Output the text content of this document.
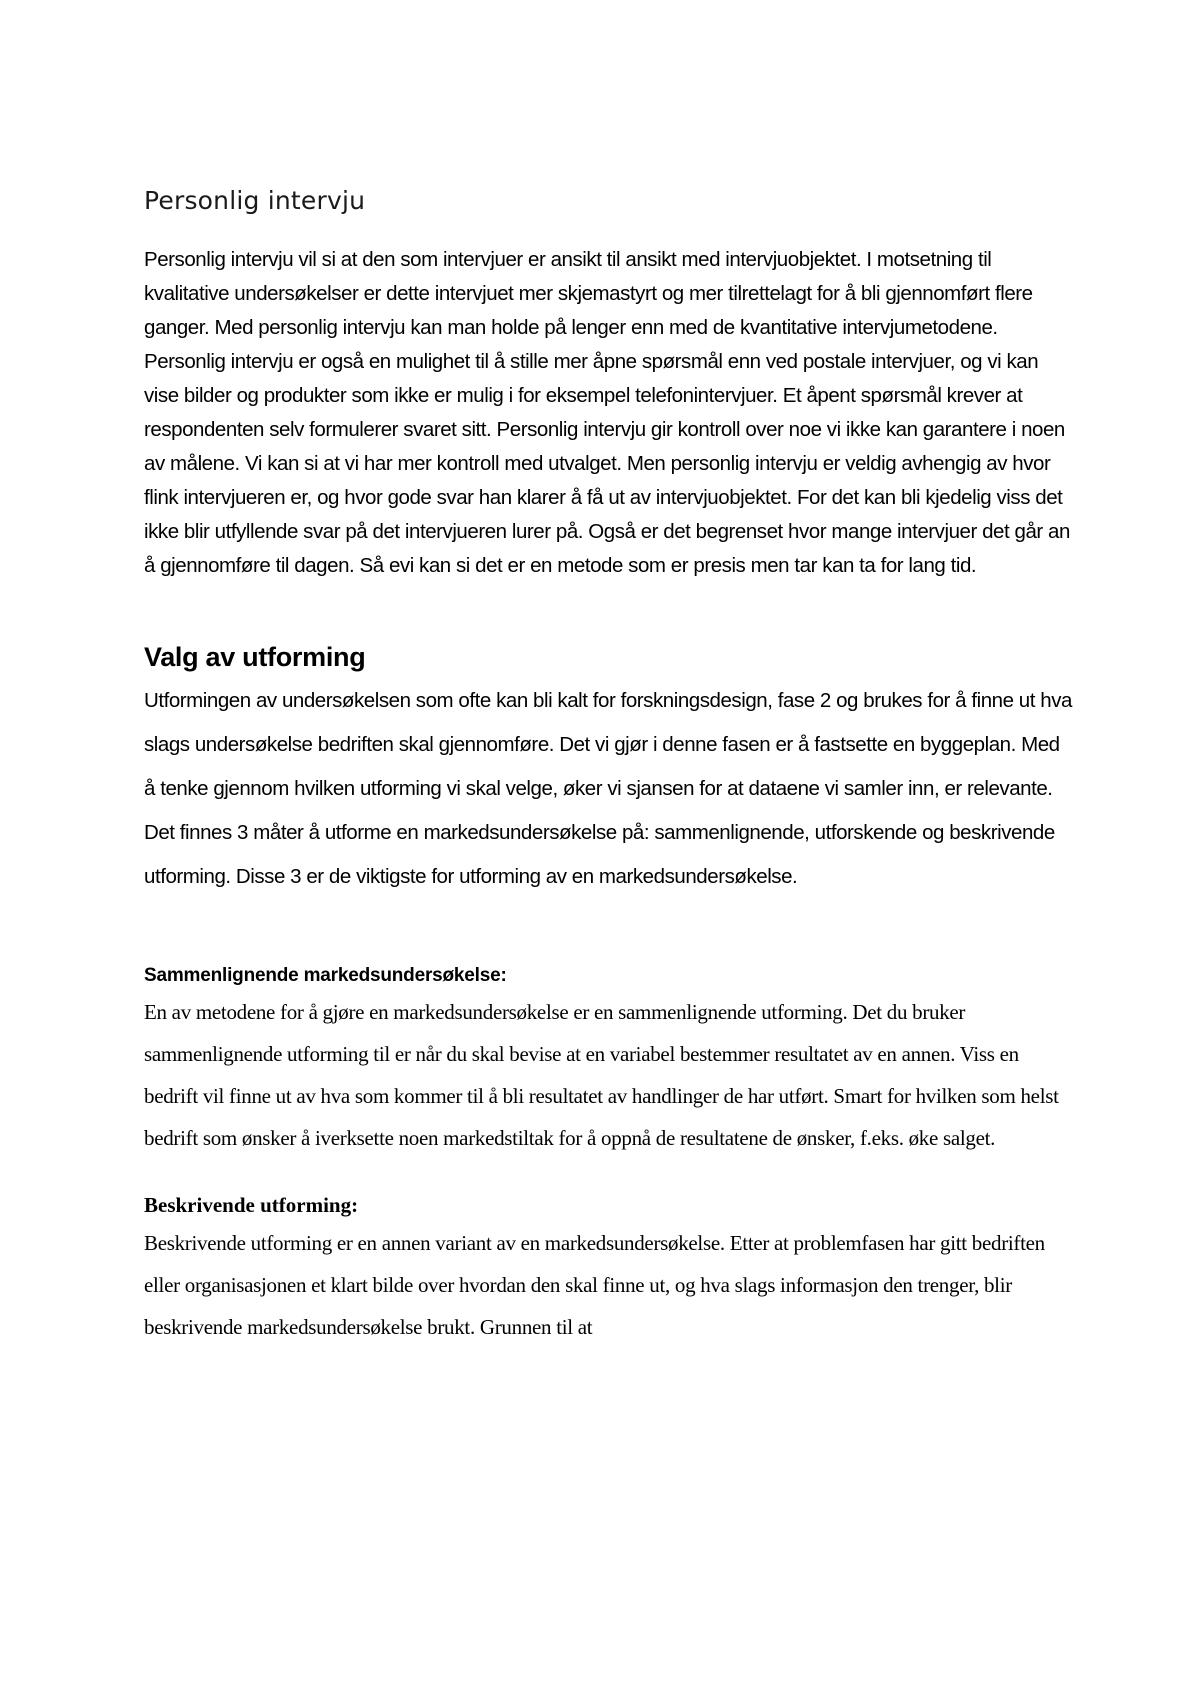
Personlig intervju

Personlig intervju vil si at den som intervjuer er ansikt til ansikt med intervjuobjektet. I motsetning til kvalitative undersøkelser er dette intervjuet mer skjemastyrt og mer tilrettelagt for å bli gjennomført flere ganger. Med personlig intervju kan man holde på lenger enn med de kvantitative intervjumetodene. Personlig intervju er også en mulighet til å stille mer åpne spørsmål enn ved postale intervjuer, og vi kan vise bilder og produkter som ikke er mulig i for eksempel telefonintervjuer. Et åpent spørsmål krever at respondenten selv formulerer svaret sitt. Personlig intervju gir kontroll over noe vi ikke kan garantere i noen av målene. Vi kan si at vi har mer kontroll med utvalget. Men personlig intervju er veldig avhengig av hvor flink intervjueren er, og hvor gode svar han klarer å få ut av intervjuobjektet. For det kan bli kjedelig viss det ikke blir utfyllende svar på det intervjueren lurer på. Også er det begrenset hvor mange intervjuer det går an å gjennomføre til dagen. Så evi kan si det er en metode som er presis men tar kan ta for lang tid.

Valg av utforming

Utformingen av undersøkelsen som ofte kan bli kalt for forskningsdesign, fase 2 og brukes for å finne ut hva slags undersøkelse bedriften skal gjennomføre. Det vi gjør i denne fasen er å fastsette en byggeplan. Med å tenke gjennom hvilken utforming vi skal velge, øker vi sjansen for at dataene vi samler inn, er relevante. Det finnes 3 måter å utforme en markedsundersøkelse på: sammenlignende, utforskende og beskrivende utforming. Disse 3 er de viktigste for utforming av en markedsundersøkelse.

Sammenlignende markedsundersøkelse:

En av metodene for å gjøre en markedsundersøkelse er en sammenlignende utforming. Det du bruker sammenlignende utforming til er når du skal bevise at en variabel bestemmer resultatet av en annen. Viss en bedrift vil finne ut av hva som kommer til å bli resultatet av handlinger de har utført. Smart for hvilken som helst bedrift som ønsker å iverksette noen markedstiltak for å oppnå de resultatene de ønsker, f.eks. øke salget.

Beskrivende utforming:

Beskrivende utforming er en annen variant av en markedsundersøkelse. Etter at problemfasen har gitt bedriften eller organisasjonen et klart bilde over hvordan den skal finne ut, og hva slags informasjon den trenger, blir beskrivende markedsundersøkelse brukt. Grunnen til at
